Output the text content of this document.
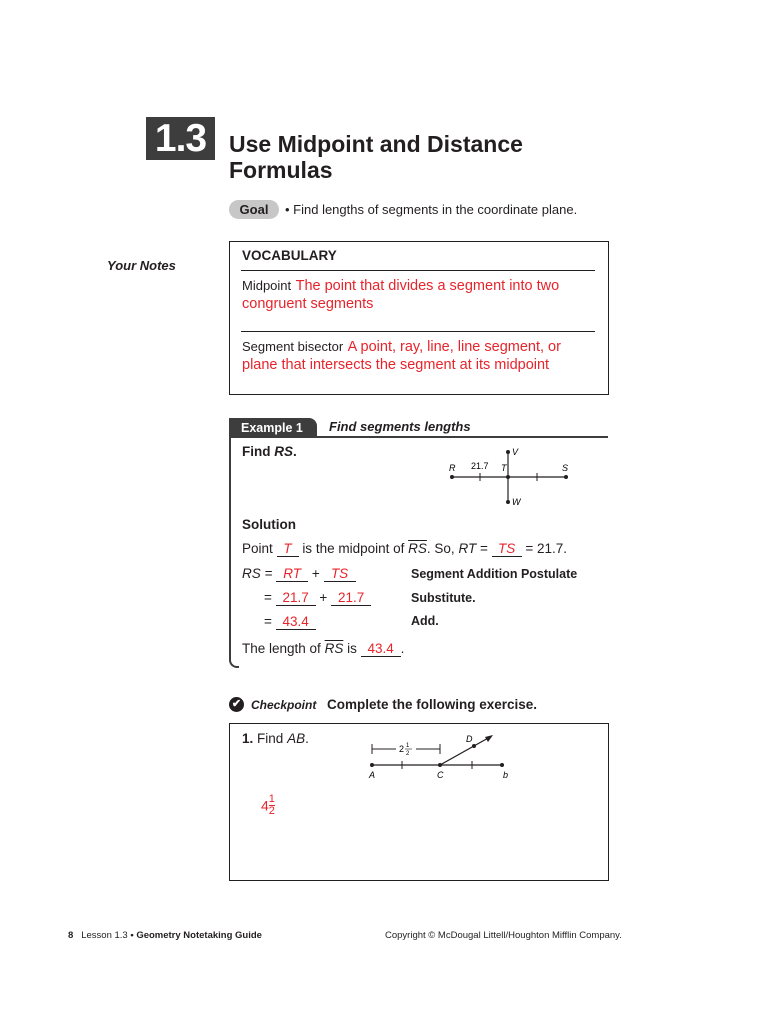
1.3 Use Midpoint and Distance
Formulas
Goal	• Find lengths of segments in the coordinate plane.
Your Notes
VOCABULARY
Midpoint The point that divides a segment into two
congruent segments
Segment bisector A point, ray, line, line segment, or
plane that intersects the segment at its midpoint
Example 1	Find segments lengths
Find RS.
R 21.7 T	S
V
W
Solution
Point T is the midpoint of $\overline{RS}$. So, RT = TS = 21.7.
RS = RT + TS	Segment Addition Postulate
= 21.7 + 21.7	Substitute.
= 43.4	Add.
The length of $\overline{RS}$ is 43.4 .
✔ Checkpoint Complete the following exercise.
1. Find AB.
2 1
2
A	C	b
D
$4 \frac{1}{2}$
8 Lesson 1.3 • Geometry Notetaking Guide	Copyright © McDougal Littell/Houghton Mifflin Company.
